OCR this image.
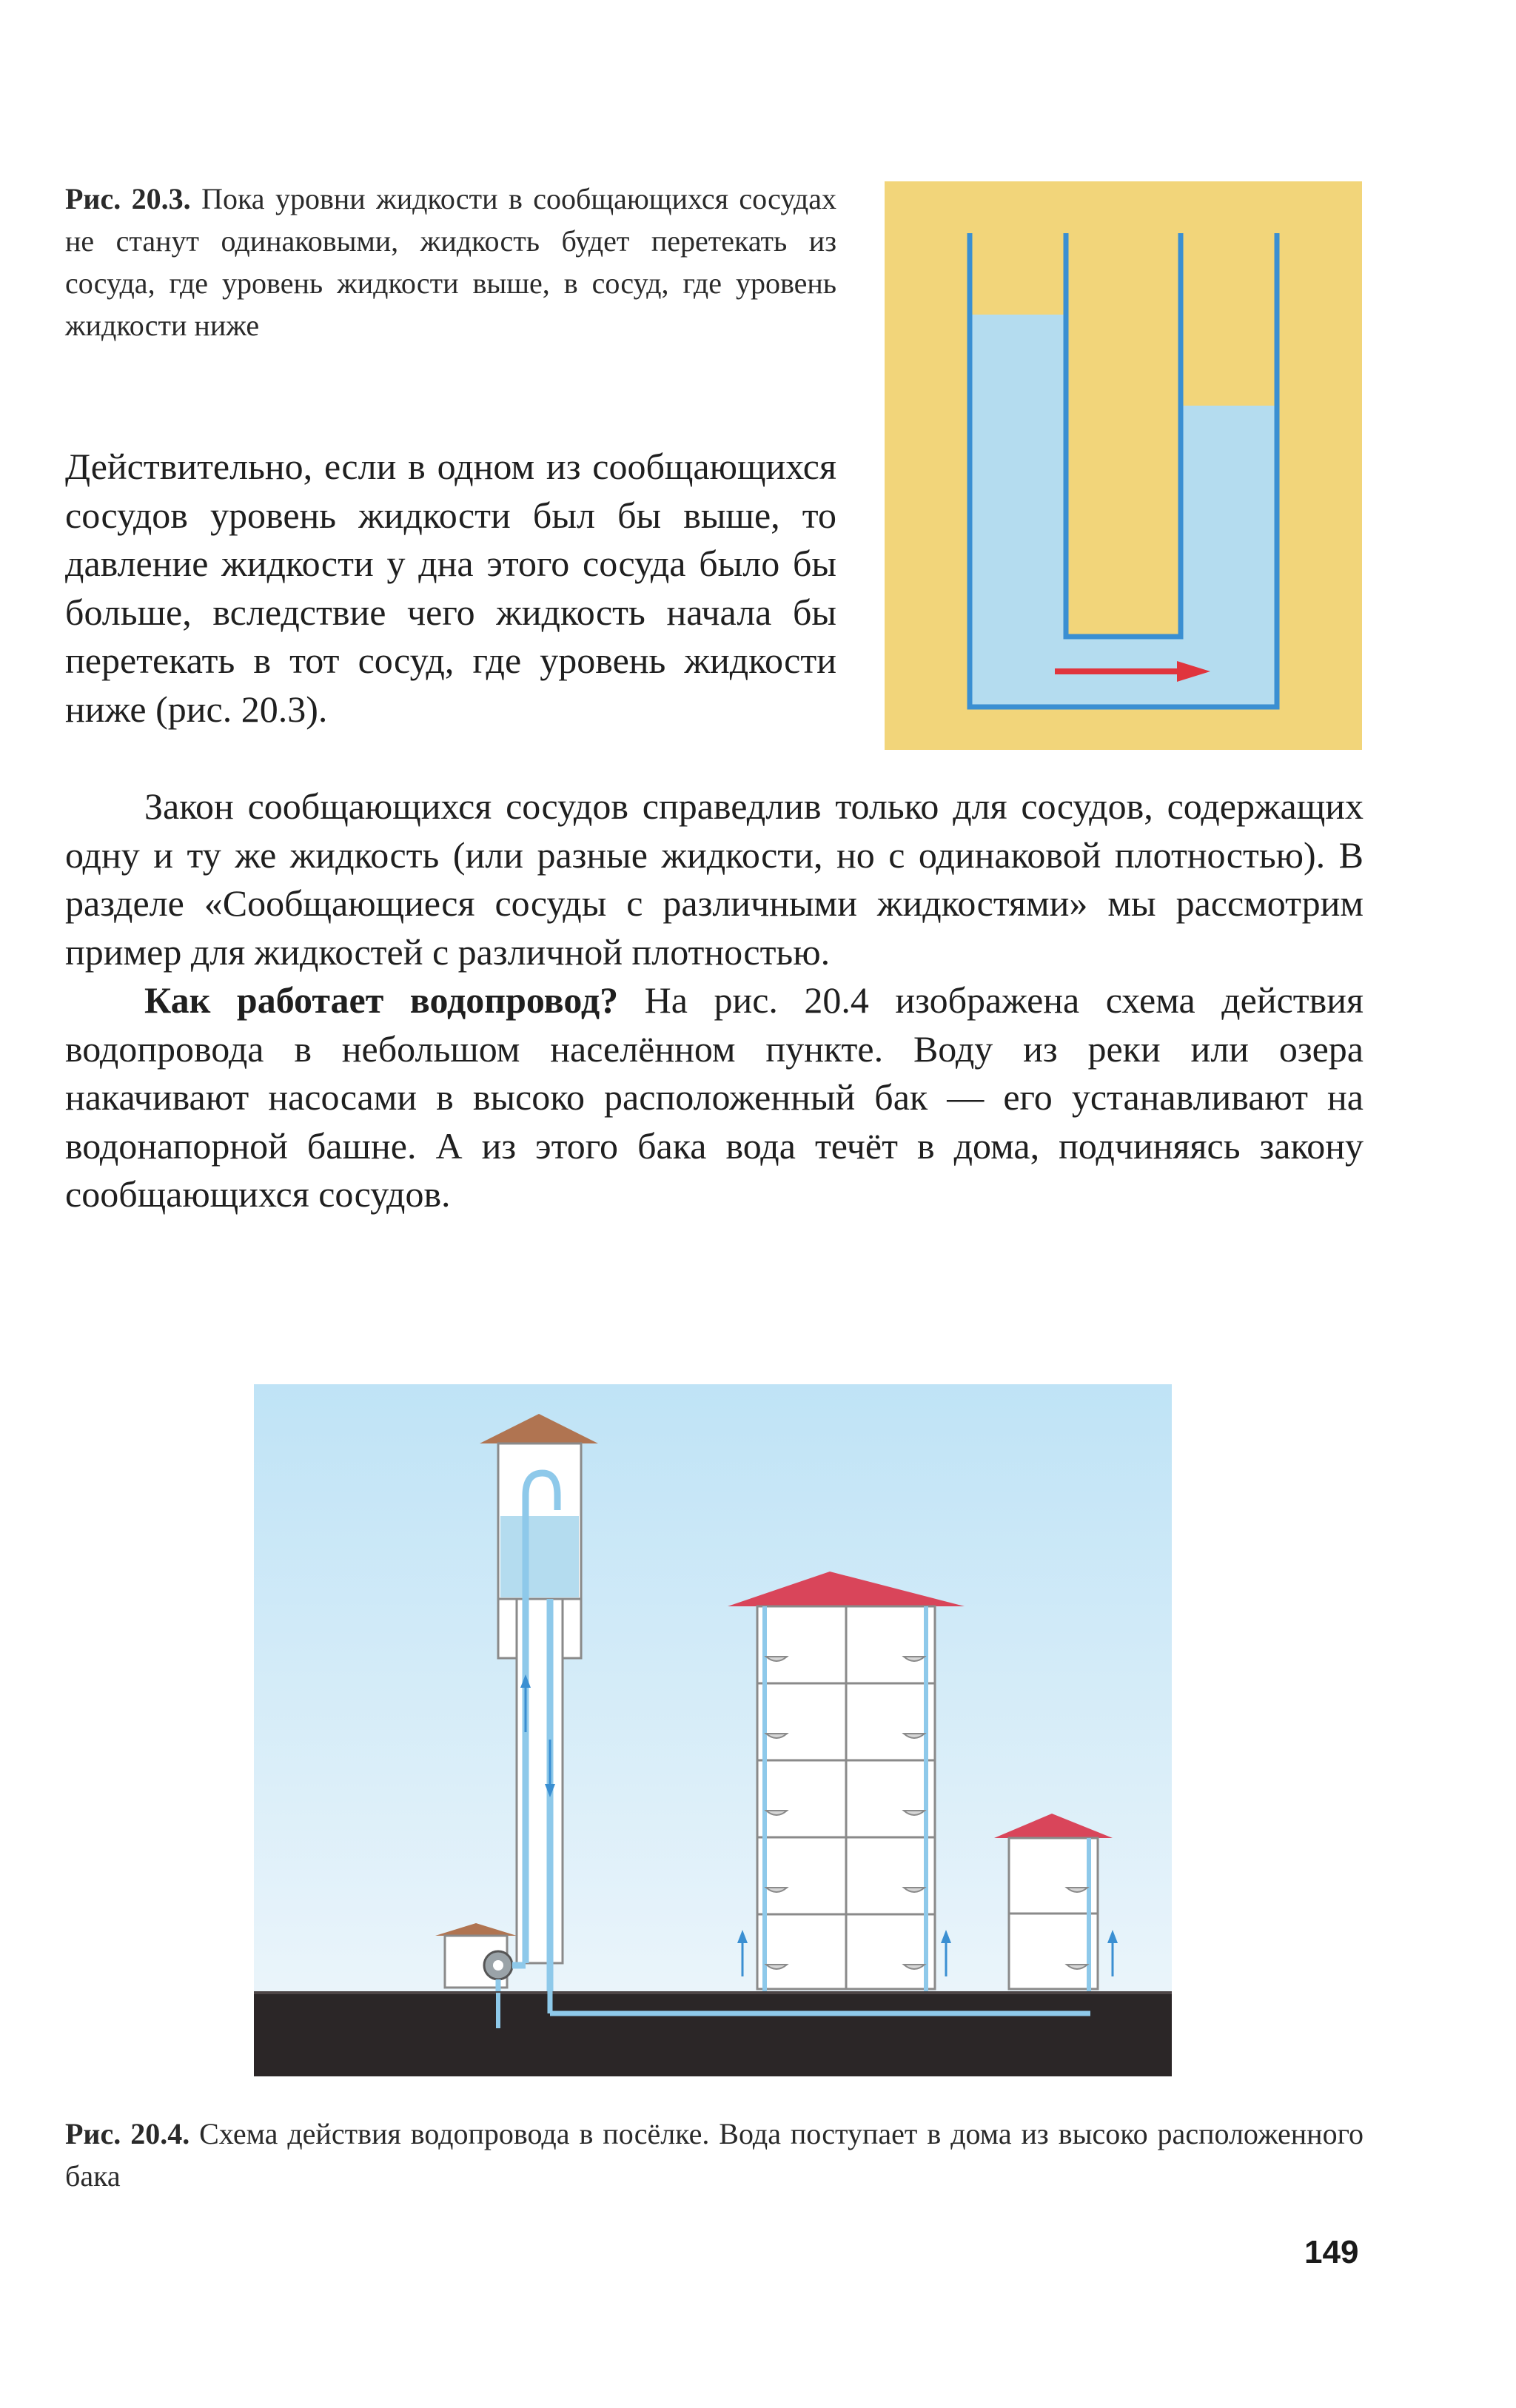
Рис. 20.3. Пока уровни жидкости в сообщающихся сосудах не станут одинаковыми, жидкость будет перетекать из сосуда, где уровень жидкости выше, в сосуд, где уровень жидкости ниже

Действительно, если в одном из сообщающихся сосудов уровень жидкости был бы выше, то давление жидкости у дна этого сосуда было бы больше, вследствие чего жидкость начала бы перетекать в тот сосуд, где уровень жидкости ниже (рис. 20.3).

Закон сообщающихся сосудов справедлив только для сосудов, содержащих одну и ту же жидкость (или разные жидкости, но с одинаковой плотностью). В разделе «Сообщающиеся сосуды с различными жидкостями» мы рассмотрим пример для жидкостей с различной плотностью.

Как работает водопровод? На рис. 20.4 изображена схема действия водопровода в небольшом населённом пункте. Воду из реки или озера накачивают насосами в высоко расположенный бак — его устанавливают на водонапорной башне. А из этого бака вода течёт в дома, подчиняясь закону сообщающихся сосудов.

Рис. 20.4. Схема действия водопровода в посёлке. Вода поступает в дома из высоко расположенного бака
149
